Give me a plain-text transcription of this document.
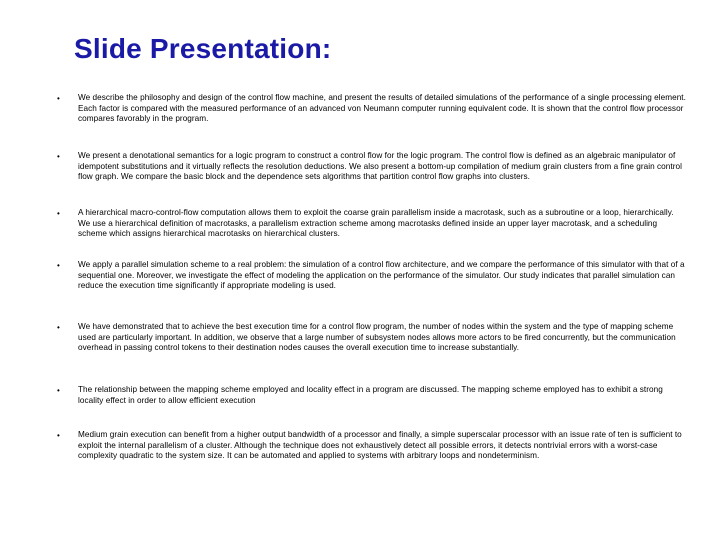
Slide Presentation:
• We describe the philosophy and design of the control flow machine, and present the results of detailed simulations of the performance of a single processing element. Each factor is compared with the measured performance of an advanced von Neumann computer running equivalent code. It is shown that the control flow processor compares favorably in the program.
• We present a denotational semantics for a logic program to construct a control flow for the logic program. The control flow is defined as an algebraic manipulator of idempotent substitutions and it virtually reflects the resolution deductions. We also present a bottom-up compilation of medium grain clusters from a fine grain control flow graph. We compare the basic block and the dependence sets algorithms that partition control flow graphs into clusters.
• A hierarchical macro-control-flow computation allows them to exploit the coarse grain parallelism inside a macrotask, such as a subroutine or a loop, hierarchically. We use a hierarchical definition of macrotasks, a parallelism extraction scheme among macrotasks defined inside an upper layer macrotask, and a scheduling scheme which assigns hierarchical macrotasks on hierarchical clusters.
• We apply a parallel simulation scheme to a real problem: the simulation of a control flow architecture, and we compare the performance of this simulator with that of a sequential one. Moreover, we investigate the effect of modeling the application on the performance of the simulator. Our study indicates that parallel simulation can reduce the execution time significantly if appropriate modeling is used.
• We have demonstrated that to achieve the best execution time for a control flow program, the number of nodes within the system and the type of mapping scheme used are particularly important. In addition, we observe that a large number of subsystem nodes allows more actors to be fired concurrently, but the communication overhead in passing control tokens to their destination nodes causes the overall execution time to increase substantially.
• The relationship between the mapping scheme employed and locality effect in a program are discussed. The mapping scheme employed has to exhibit a strong locality effect in order to allow efficient execution
• Medium grain execution can benefit from a higher output bandwidth of a processor and finally, a simple superscalar processor with an issue rate of ten is sufficient to exploit the internal parallelism of a cluster. Although the technique does not exhaustively detect all possible errors, it detects nontrivial errors with a worst-case complexity quadratic to the system size. It can be automated and applied to systems with arbitrary loops and nondeterminism.
